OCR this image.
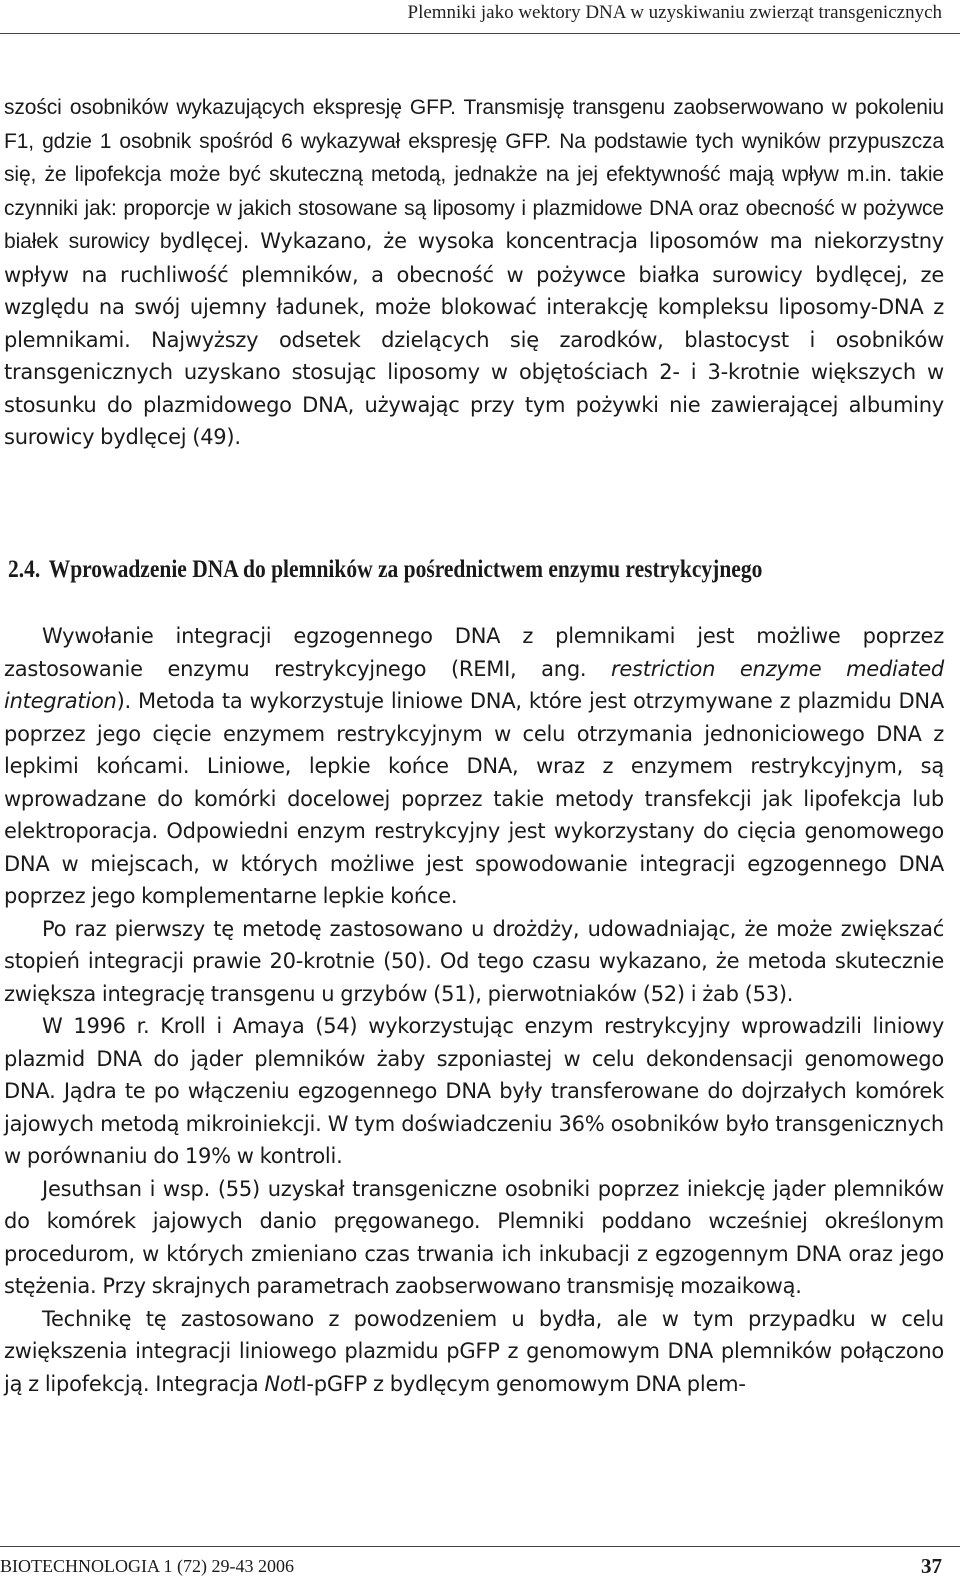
Plemniki jako wektory DNA w uzyskiwaniu zwierząt transgenicznych

szości osobników wykazujących ekspresję GFP. Transmisję transgenu zaobserwowano w pokoleniu F1, gdzie 1 osobnik spośród 6 wykazywał ekspresję GFP. Na podstawie tych wyników przypuszcza się, że lipofekcja może być skuteczną metodą, jednakże na jej efektywność mają wpływ m.in. takie czynniki jak: proporcje w jakich stosowane są liposomy i plazmidowe DNA oraz obecność w pożywce białek surowicy bydlęcej. Wykazano, że wysoka koncentracja liposomów ma niekorzystny wpływ na ruchliwość plemników, a obecność w pożywce białka surowicy bydlęcej, ze względu na swój ujemny ładunek, może blokować interakcję kompleksu liposomy-DNA z plemnikami. Najwyższy odsetek dzielących się zarodków, blastocyst i osobników transgenicznych uzyskano stosując liposomy w objętościach 2- i 3-krotnie większych w stosunku do plazmidowego DNA, używając przy tym pożywki nie zawierającej albuminy surowicy bydlęcej (49).

2.4. Wprowadzenie DNA do plemników za pośrednictwem enzymu restrykcyjnego

Wywołanie integracji egzogennego DNA z plemnikami jest możliwe poprzez zastosowanie enzymu restrykcyjnego (REMI, ang. restriction enzyme mediated integration). Metoda ta wykorzystuje liniowe DNA, które jest otrzymywane z plazmidu DNA poprzez jego cięcie enzymem restrykcyjnym w celu otrzymania jednoniciowego DNA z lepkimi końcami. Liniowe, lepkie końce DNA, wraz z enzymem restrykcyjnym, są wprowadzane do komórki docelowej poprzez takie metody transfekcji jak lipofekcja lub elektroporacja. Odpowiedni enzym restrykcyjny jest wykorzystany do cięcia genomowego DNA w miejscach, w których możliwe jest spowodowanie integracji egzogennego DNA poprzez jego komplementarne lepkie końce.

Po raz pierwszy tę metodę zastosowano u drożdży, udowadniając, że może zwiększać stopień integracji prawie 20-krotnie (50). Od tego czasu wykazano, że metoda skutecznie zwiększa integrację transgenu u grzybów (51), pierwotniaków (52) i żab (53).

W 1996 r. Kroll i Amaya (54) wykorzystując enzym restrykcyjny wprowadzili liniowy plazmid DNA do jąder plemników żaby szponiastej w celu dekondensacji genomowego DNA. Jądra te po włączeniu egzogennego DNA były transferowane do dojrzałych komórek jajowych metodą mikroiniekcji. W tym doświadczeniu 36% osobników było transgenicznych w porównaniu do 19% w kontroli.

Jesuthsan i wsp. (55) uzyskał transgeniczne osobniki poprzez iniekcję jąder plemników do komórek jajowych danio pręgowanego. Plemniki poddano wcześniej określonym procedurom, w których zmieniano czas trwania ich inkubacji z egzogennym DNA oraz jego stężenia. Przy skrajnych parametrach zaobserwowano transmisję mozaikową.

Technikę tę zastosowano z powodzeniem u bydła, ale w tym przypadku w celu zwiększenia integracji liniowego plazmidu pGFP z genomowym DNA plemników połączono ją z lipofekcją. Integracja NotI-pGFP z bydlęcym genomowym DNA plem-

BIOTECHNOLOGIA 1 (72) 29-43 2006	37
